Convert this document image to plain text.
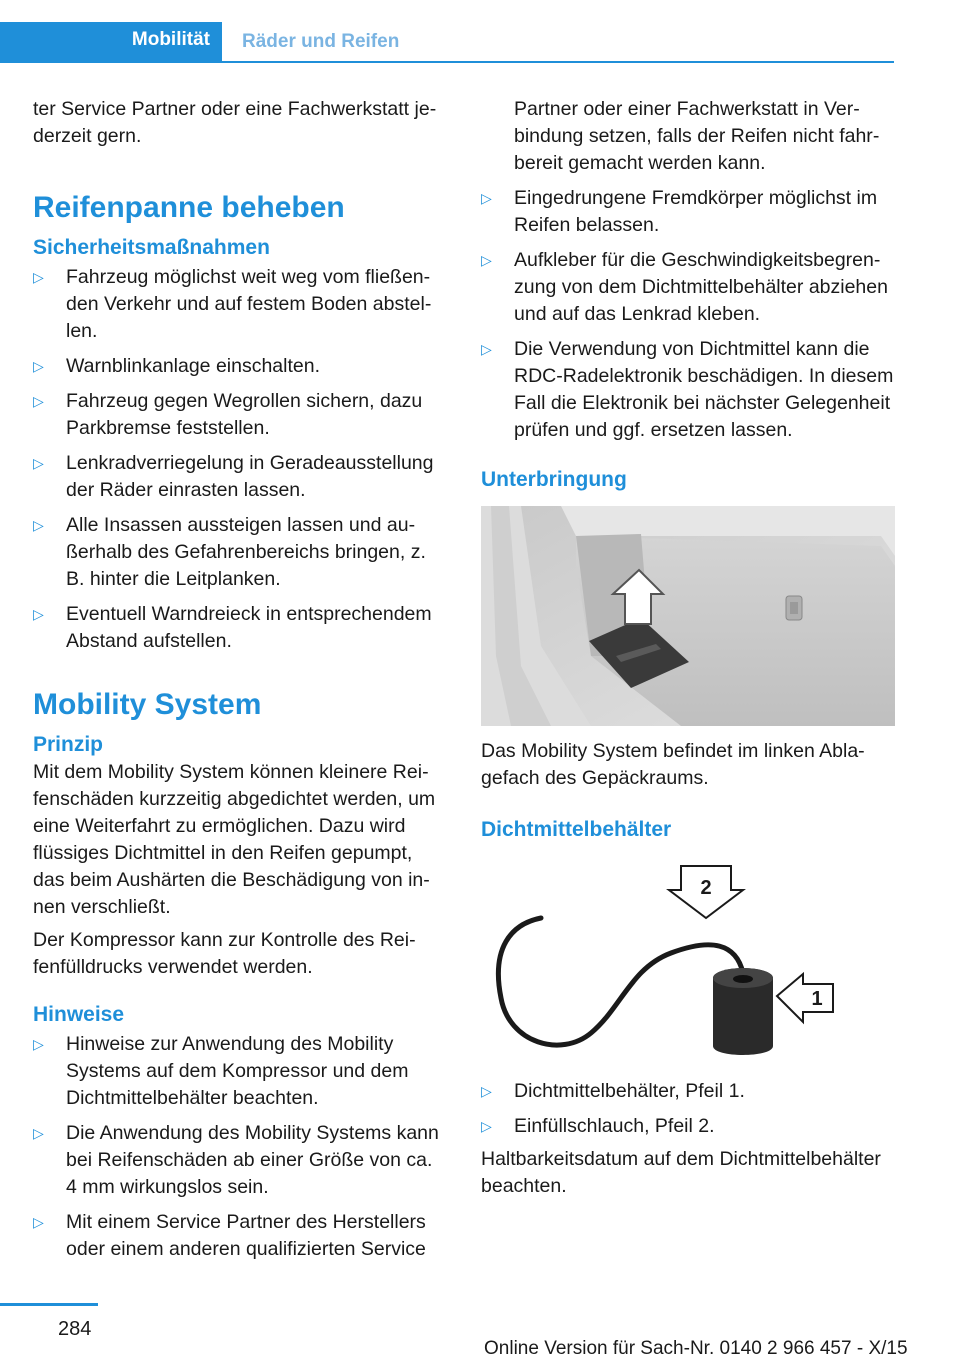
Mobilität Räder und Reifen

ter Service Partner oder eine Fachwerkstatt jederzeit gern.

Reifenpanne beheben
Sicherheitsmaßnahmen
▷ Fahrzeug möglichst weit weg vom fließenden Verkehr und auf festem Boden abstellen.
▷ Warnblinkanlage einschalten.
▷ Fahrzeug gegen Wegrollen sichern, dazu Parkbremse feststellen.
▷ Lenkradverriegelung in Geradeausstellung der Räder einrasten lassen.
▷ Alle Insassen aussteigen lassen und außerhalb des Gefahrenbereichs bringen, z. B. hinter die Leitplanken.
▷ Eventuell Warndreieck in entsprechendem Abstand aufstellen.
Mobility System
Prinzip

Mit dem Mobility System können kleinere Reifenschäden kurzzeitig abgedichtet werden, um eine Weiterfahrt zu ermöglichen. Dazu wird flüssiges Dichtmittel in den Reifen gepumpt, das beim Aushärten die Beschädigung von innen verschließt.

Der Kompressor kann zur Kontrolle des Reifenfülldrucks verwendet werden.

Hinweise
▷ Hinweise zur Anwendung des Mobility Systems auf dem Kompressor und dem Dichtmittelbehälter beachten.
▷ Die Anwendung des Mobility Systems kann bei Reifenschäden ab einer Größe von ca. 4 mm wirkungslos sein.
▷ Mit einem Service Partner des Herstellers oder einem anderen qualifizierten Service

Partner oder einer Fachwerkstatt in Verbindung setzen, falls der Reifen nicht fahrbereit gemacht werden kann.

▷ Eingedrungene Fremdkörper möglichst im Reifen belassen.
▷ Aufkleber für die Geschwindigkeitsbegrenzung von dem Dichtmittelbehälter abziehen und auf das Lenkrad kleben.
▷ Die Verwendung von Dichtmittel kann die RDC-Radelektronik beschädigen. In diesem Fall die Elektronik bei nächster Gelegenheit prüfen und ggf. ersetzen lassen.
Unterbringung

Das Mobility System befindet im linken Ablagefach des Gepäckraums.

Dichtmittelbehälter
2
1
▷ Dichtmittelbehälter, Pfeil 1.
▷ Einfüllschlauch, Pfeil 2.

Haltbarkeitsdatum auf dem Dichtmittelbehälter beachten.

284
Online Version für Sach-Nr. 0140 2 966 457 - X/15
